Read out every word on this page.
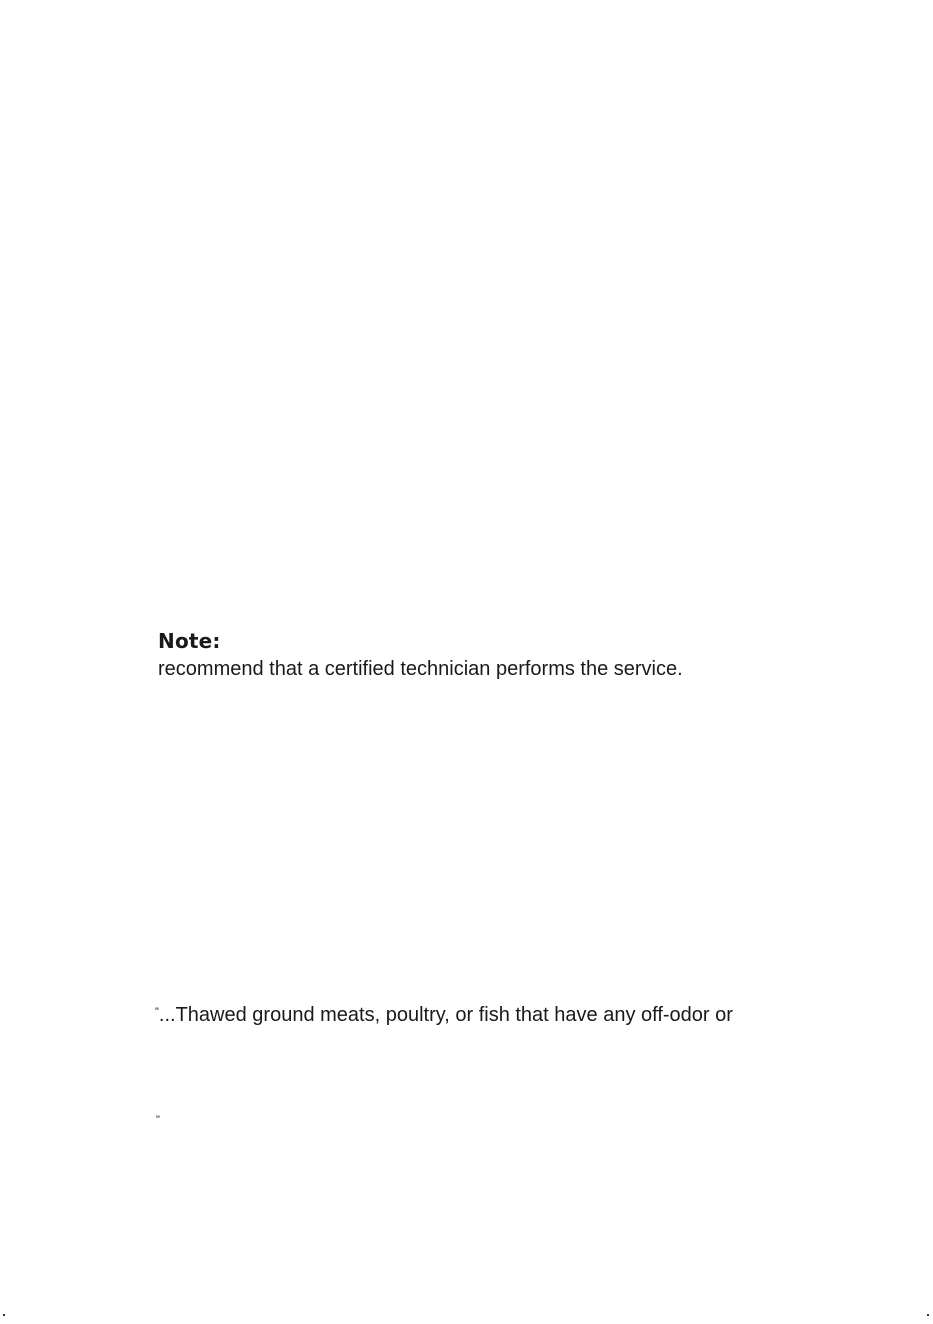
Note:

recommend that a certified technician performs the service.

"...Thawed ground meats, poultry, or fish that have any off-odor or

"
